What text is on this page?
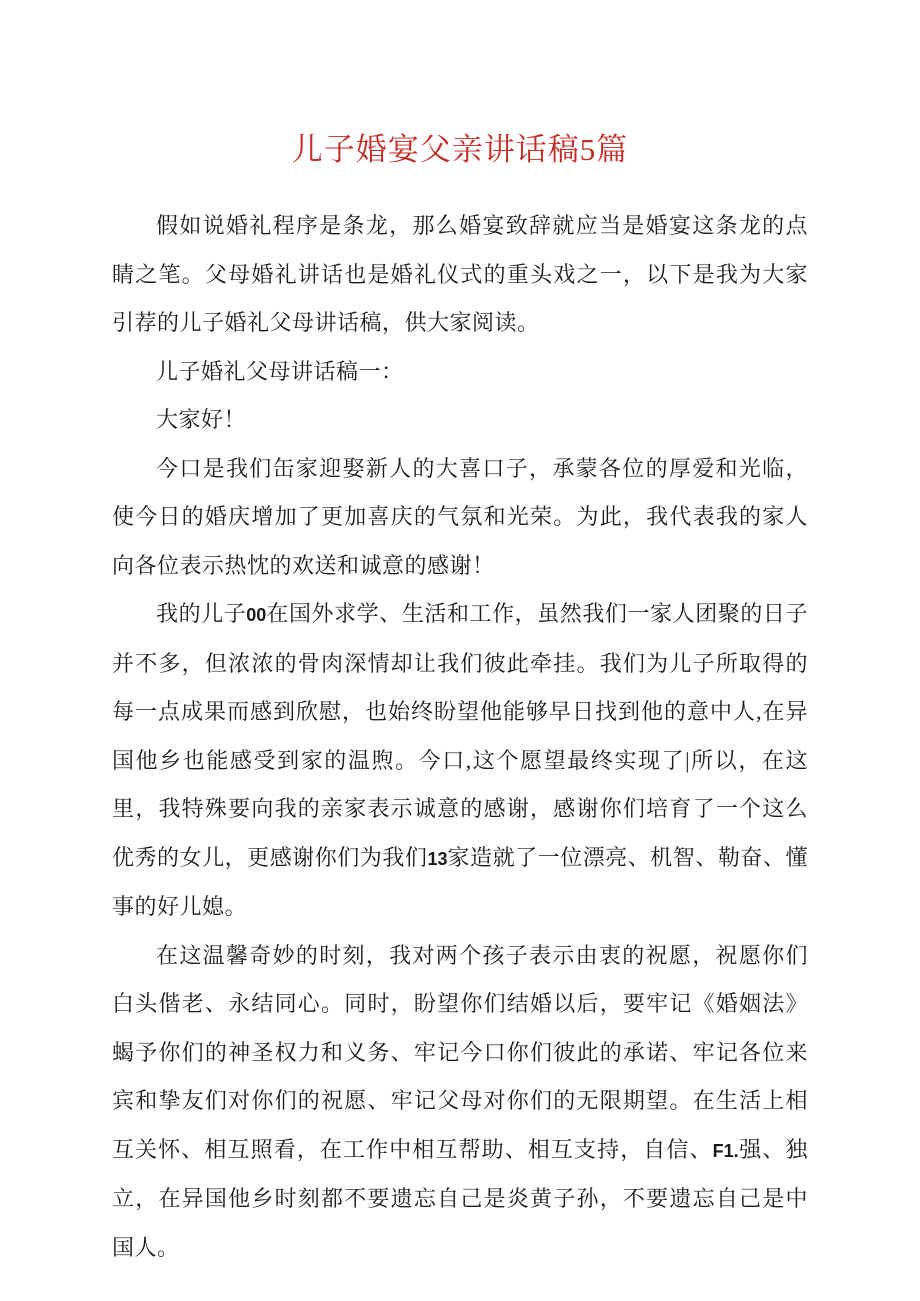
儿子婚宴父亲讲话稿5篇

假如说婚礼程序是条龙，那么婚宴致辞就应当是婚宴这条龙的点睛之笔。父母婚礼讲话也是婚礼仪式的重头戏之一，以下是我为大家引荐的儿子婚礼父母讲话稿，供大家阅读。

儿子婚礼父母讲话稿一：

大家好！

今口是我们缶家迎娶新人的大喜口子，承蒙各位的厚爱和光临，使今日的婚庆增加了更加喜庆的气氛和光荣。为此，我代表我的家人向各位表示热忱的欢送和诚意的感谢！

我的儿子00在国外求学、生活和工作，虽然我们一家人团聚的日子并不多，但浓浓的骨肉深情却让我们彼此牵挂。我们为儿子所取得的每一点成果而感到欣慰，也始终盼望他能够早日找到他的意中人,在异国他乡也能感受到家的温煦。今口,这个愿望最终实现了|所以，在这里，我特殊要向我的亲家表示诚意的感谢，感谢你们培育了一个这么优秀的女儿，更感谢你们为我们13家造就了一位漂亮、机智、勒奋、懂事的好儿媳。

在这温馨奇妙的时刻，我对两个孩子表示由衷的祝愿，祝愿你们白头偕老、永结同心。同时，盼望你们结婚以后，要牢记《婚姻法》蝎予你们的神圣权力和义务、牢记今口你们彼此的承诺、牢记各位来宾和挚友们对你们的祝愿、牢记父母对你们的无限期望。在生活上相互关怀、相互照看，在工作中相互帮助、相互支持，自信、F1.强、独立，在异国他乡时刻都不要遗忘自己是炎黄子孙，不要遗忘自己是中国人。
